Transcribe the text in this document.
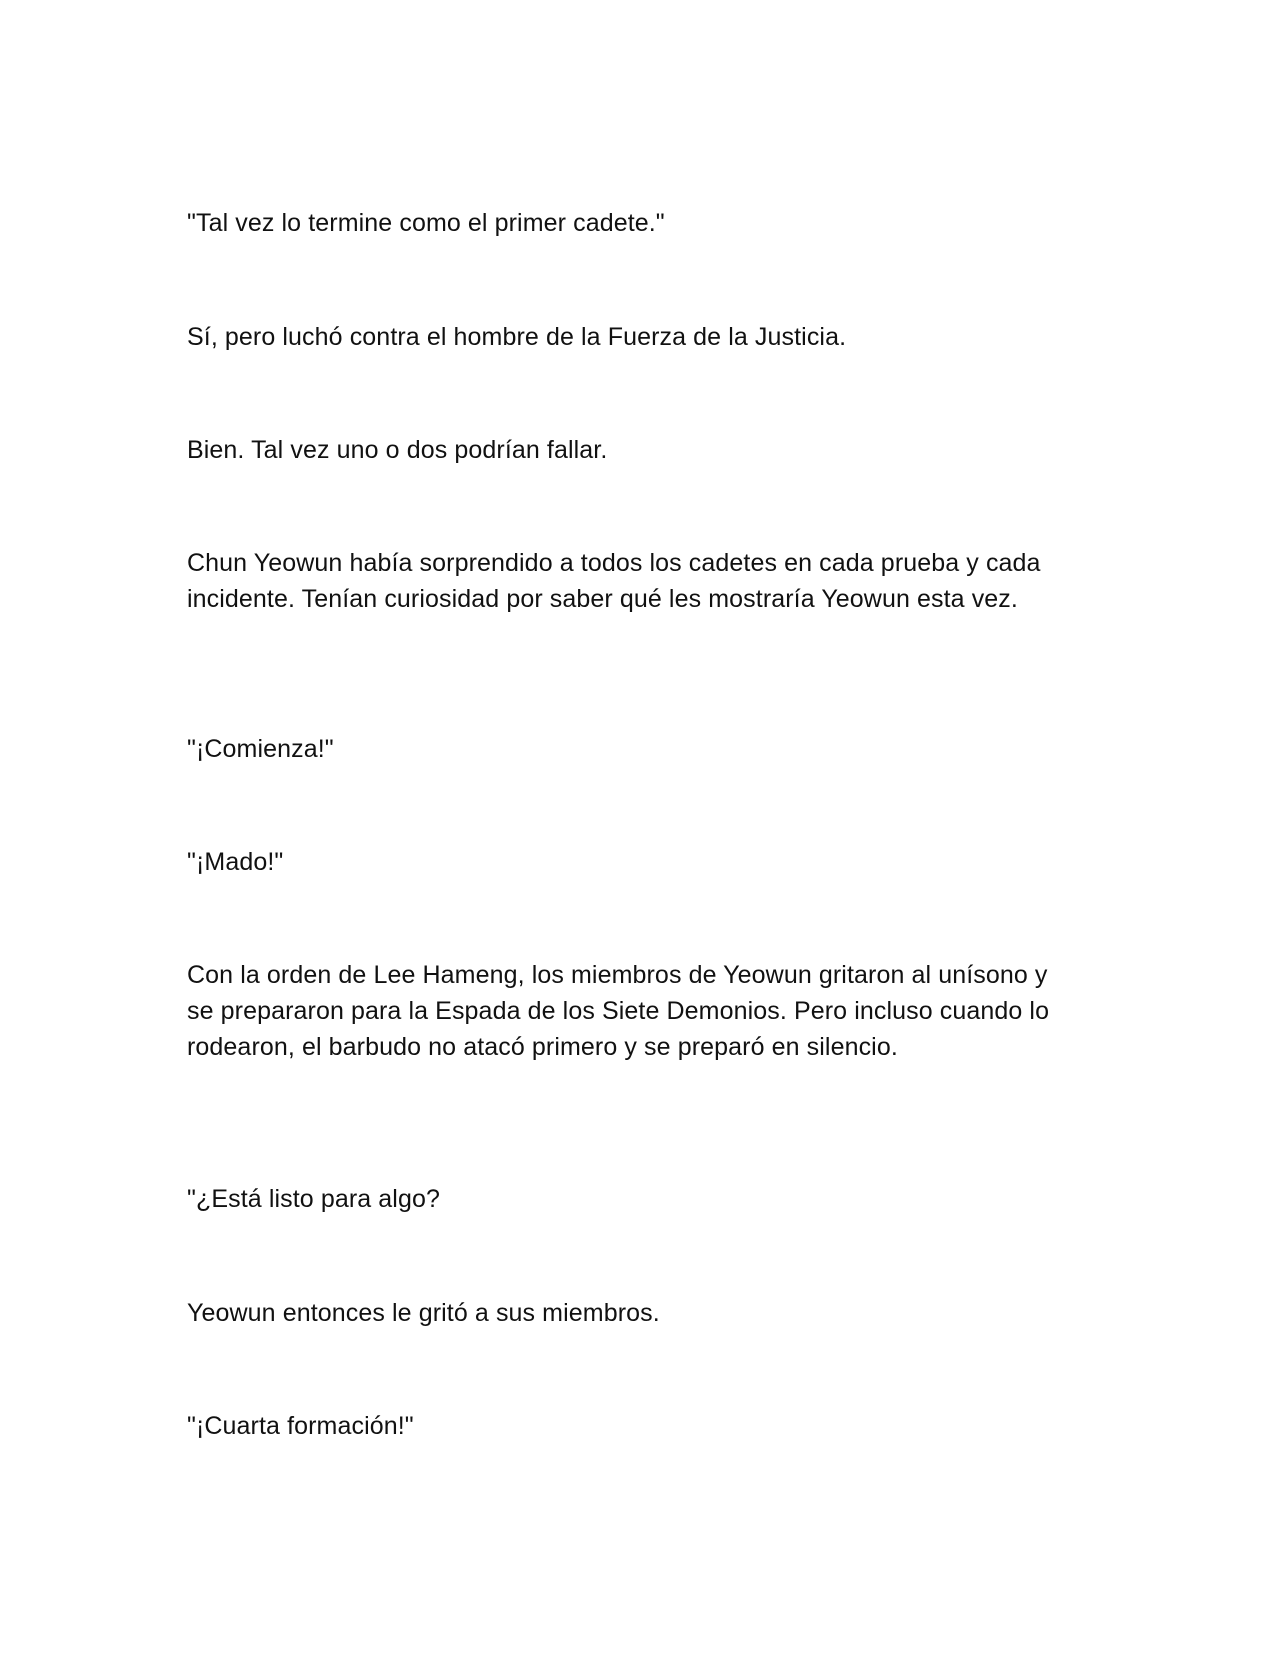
"Tal vez lo termine como el primer cadete."

Sí, pero luchó contra el hombre de la Fuerza de la Justicia.

Bien. Tal vez uno o dos podrían fallar.

Chun Yeowun había sorprendido a todos los cadetes en cada prueba y cada incidente. Tenían curiosidad por saber qué les mostraría Yeowun esta vez.

"¡Comienza!"

"¡Mado!"

Con la orden de Lee Hameng, los miembros de Yeowun gritaron al unísono y se prepararon para la Espada de los Siete Demonios. Pero incluso cuando lo rodearon, el barbudo no atacó primero y se preparó en silencio.

"¿Está listo para algo?

Yeowun entonces le gritó a sus miembros.

"¡Cuarta formación!"
